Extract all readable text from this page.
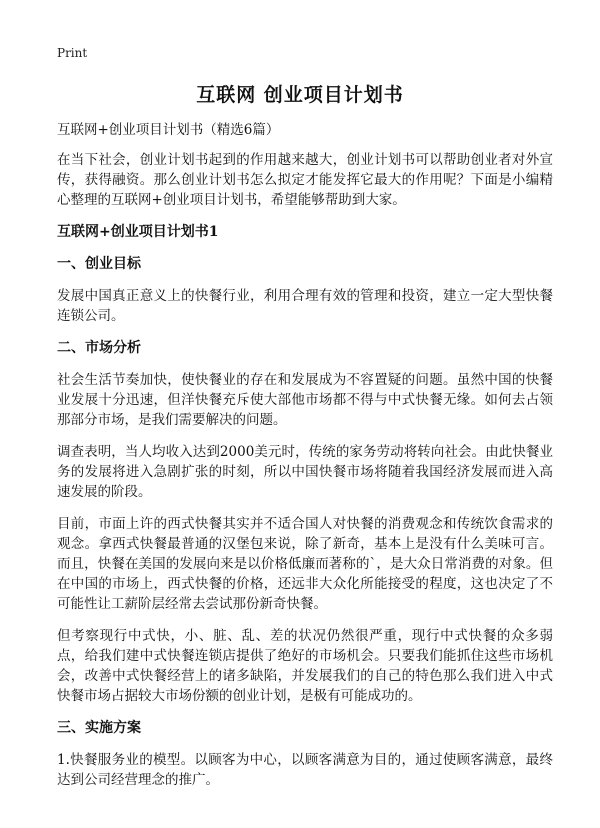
Print
互联网 创业项目计划书
互联网+创业项目计划书（精选6篇）

在当下社会，创业计划书起到的作用越来越大，创业计划书可以帮助创业者对外宣传，获得融资。那么创业计划书怎么拟定才能发挥它最大的作用呢？下面是小编精心整理的互联网+创业项目计划书，希望能够帮助到大家。

互联网+创业项目计划书1
一、创业目标

发展中国真正意义上的快餐行业，利用合理有效的管理和投资，建立一定大型快餐连锁公司。

二、市场分析

社会生活节奏加快，使快餐业的存在和发展成为不容置疑的问题。虽然中国的快餐业发展十分迅速，但洋快餐充斥使大部他市场都不得与中式快餐无缘。如何去占领那部分市场，是我们需要解决的问题。

调查表明，当人均收入达到2000美元时，传统的家务劳动将转向社会。由此快餐业务的发展将进入急剧扩张的时刻，所以中国快餐市场将随着我国经济发展而进入高速发展的阶段。

目前，市面上许的西式快餐其实并不适合国人对快餐的消费观念和传统饮食需求的观念。拿西式快餐最普通的汉堡包来说，除了新奇，基本上是没有什么美味可言。而且，快餐在美国的发展向来是以价格低廉而著称的`，是大众日常消费的对象。但在中国的市场上，西式快餐的价格，还远非大众化所能接受的程度，这也决定了不可能性让工薪阶层经常去尝试那份新奇快餐。

但考察现行中式快，小、脏、乱、差的状况仍然很严重，现行中式快餐的众多弱点，给我们建中式快餐连锁店提供了绝好的市场机会。只要我们能抓住这些市场机会，改善中式快餐经营上的诸多缺陷，并发展我们的自己的特色那么我们进入中式快餐市场占据较大市场份额的创业计划，是极有可能成功的。

三、实施方案

1.快餐服务业的模型。以顾客为中心，以顾客满意为目的，通过使顾客满意，最终达到公司经营理念的推广。
